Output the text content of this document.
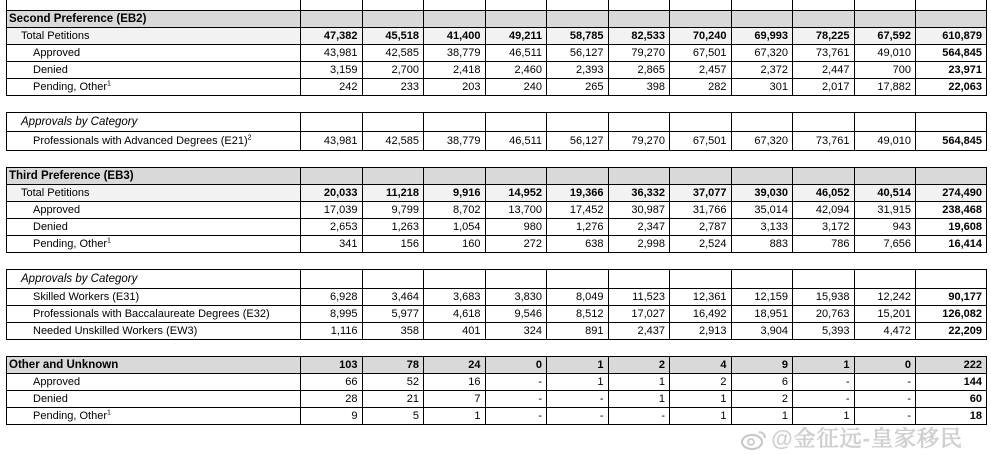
Second Preference (EB2)											
Total Petitions	47,382	45,518	41,400	49,211	58,785	82,533	70,240	69,993	78,225	67,592	610,879
Approved	43,981	42,585	38,779	46,511	56,127	79,270	67,501	67,320	73,761	49,010	564,845
Denied	3,159	2,700	2,418	2,460	2,393	2,865	2,457	2,372	2,447	700	23,971
Pending, Other$^1$	242	233	203	240	265	398	282	301	2,017	17,882	22,063

Approvals by Category											
Professionals with Advanced Degrees $(E21)^2$	43,981	42,585	38,779	46,511	56,127	79,270	67,501	67,320	73,761	49,010	564,845

Third Preference (EB3)											
Total Petitions	20,033	11,218	9,916	14,952	19,366	36,332	37,077	39,030	46,052	40,514	274,490
Approved	17,039	9,799	8,702	13,700	17,452	30,987	31,766	35,014	42,094	31,915	238,468
Denied	2,653	1,263	1,054	980	1,276	2,347	2,787	3,133	3,172	943	19,608
Pending, Other$^1$	341	156	160	272	638	2,998	2,524	883	786	7,656	16,414

Approvals by Category											
Skilled Workers (E31)	6,928	3,464	3,683	3,830	8,049	11,523	12,361	12,159	15,938	12,242	90,177
Professionals with Baccalaureate Degrees (E32)	8,995	5,977	4,618	9,546	8,512	17,027	16,492	18,951	20,763	15,201	126,082
Needed Unskilled Workers (EW3)	1,116	358	401	324	891	2,437	2,913	3,904	5,393	4,472	22,209

Other and Unknown	103	78	24	0	1	2	4	9	1	0	222
Approved	66	52	16	-	1	1	2	6	-	-	144
Denied	28	21	7	-	-	1	1	2	-	-	60
Pending, Other$^1$	9	5	1	-	-	-	1	1	1	-	18
@金征远-皇家移民
